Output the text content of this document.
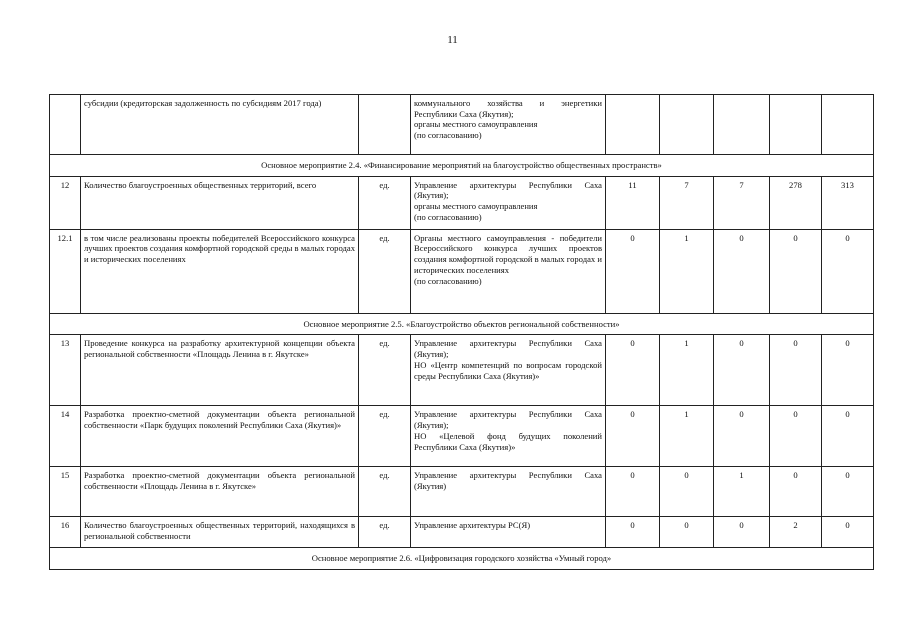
11
	субсидии (кредиторская задолженность по субсидиям 2017 года)		коммунального хозяйства и энергетики Республики Саха (Якутия);
органы местного самоуправления
(по согласованию)					
Основное мероприятие 2.4. «Финансирование мероприятий на благоустройство общественных пространств»								
12	Количество благоустроенных общественных территорий, всего	ед.	Управление архитектуры Республики Саха (Якутия);
органы местного самоуправления
(по согласованию)	11	7	7	278	313
12.1	в том числе реализованы проекты победителей Всероссийского конкурса лучших проектов создания комфортной городской среды в малых городах и исторических поселениях	ед.	Органы местного самоуправления - победители Всероссийского конкурса лучших проектов создания комфортной городской в малых городах и исторических поселениях
(по согласованию)	0	1	0	0	0
Основное мероприятие 2.5. «Благоустройство объектов региональной собственности»								
13	Проведение конкурса на разработку архитектурной концепции объекта региональной собственности «Площадь Ленина в г. Якутске»	ед.	Управление архитектуры Республики Саха (Якутия);
НО «Центр компетенций по вопросам городской среды Республики Саха (Якутия)»	0	1	0	0	0
14	Разработка проектно-сметной документации объекта региональной собственности «Парк будущих поколений Республики Саха (Якутия)»	ед.	Управление архитектуры Республики Саха (Якутия);
НО «Целевой фонд будущих поколений Республики Саха (Якутия)»	0	1	0	0	0
15	Разработка проектно-сметной документации объекта региональной собственности «Площадь Ленина в г. Якутске»	ед.	Управление архитектуры Республики Саха (Якутия)	0	0	1	0	0
16	Количество благоустроенных общественных территорий, находящихся в региональной собственности	ед.	Управление архитектуры РС(Я)	0	0	0	2	0
Основное мероприятие 2.6. «Цифровизация городского хозяйства «Умный город»								
